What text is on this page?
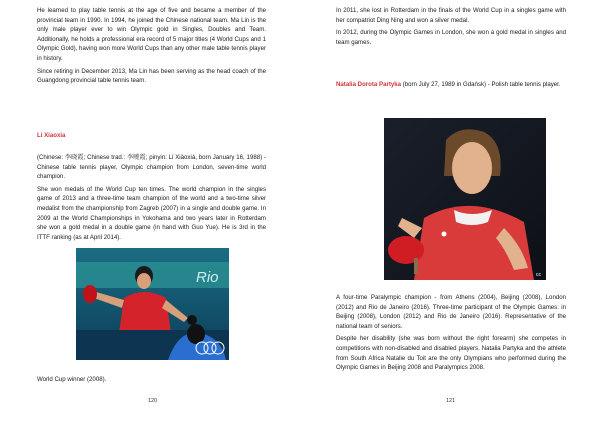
He learned to play table tennis at the age of five and became a member of the provincial team in 1990. In 1994, he joined the Chinese national team. Ma Lin is the only male player ever to win Olympic gold in Singles, Doubles and Team. Additionally, he holds a professional era record of 5 major titles (4 World Cups and 1 Olympic Gold), having won more World Cups than any other male table tennis player in history.

Since retiring in December 2013, Ma Lin has been serving as the head coach of the Guangdong provincial table tennis team.

Li Xiaoxia

(Chinese: 李晓霞; Chinese trad.: 李曉霞; pinyin: Lǐ Xiǎoxiá, born January 16, 1988) - Chinese table tennis player, Olympic champion from London, seven-time world champion.

She won medals of the World Cup ten times. The world champion in the singles game of 2013 and a three-time team champion of the world and a two-time silver medalist from the championship from Zagreb (2007) in a single and double game. In 2009 at the World Championships in Yokohama and two years later in Rotterdam she won a gold medal in a double game (in hand with Guo Yue). He is 3rd in the ITTF ranking (as at April 2014).

Rio
World Cup winner (2008).
120

In 2011, she lost in Rotterdam in the finals of the World Cup in a singles game with her compatriot Ding Ning and won a silver medal.

In 2012, during the Olympic Games in London, she won a gold medal in singles and team games.

Natalia Dorota Partyka (born July 27, 1989 in Gdańsk) - Polish table tennis player.
cc

A four-time Paralympic champion - from Athens (2004), Beijing (2008), London (2012) and Rio de Janeiro (2016). Three-time participant of the Olympic Games: in Beijing (2008), London (2012) and Rio de Janeiro (2016). Representative of the national team of seniors.

Despite her disability (she was born without the right forearm) she competes in competitions with non-disabled and disabled players. Natalia Partyka and the athlete from South Africa Natalie du Toit are the only Olympians who performed during the Olympic Games in Beijing 2008 and Paralympics 2008.

121
